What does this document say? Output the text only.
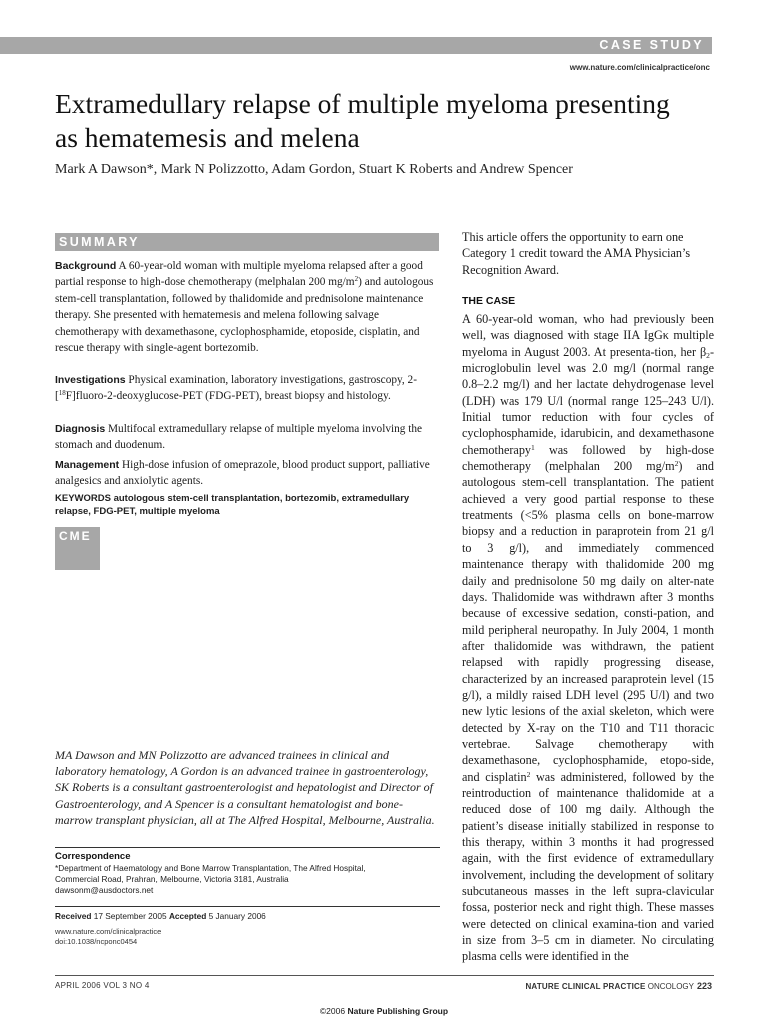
CASE STUDY
www.nature.com/clinicalpractice/onc
Extramedullary relapse of multiple myeloma presenting as hematemesis and melena
Mark A Dawson*, Mark N Polizzotto, Adam Gordon, Stuart K Roberts and Andrew Spencer
SUMMARY

Background A 60-year-old woman with multiple myeloma relapsed after a good partial response to high-dose chemotherapy (melphalan 200 $mg/m^2$) and autologous stem-cell transplantation, followed by thalidomide and prednisolone maintenance therapy. She presented with hematemesis and melena following salvage chemotherapy with dexamethasone, cyclophosphamide, etoposide, cisplatin, and rescue therapy with single-agent bortezomib.

Investigations Physical examination, laboratory investigations, gastroscopy, 2-[$^{18}$F]fluoro-2-deoxyglucose-PET (FDG-PET), breast biopsy and histology.

Diagnosis Multifocal extramedullary relapse of multiple myeloma involving the stomach and duodenum.

Management High-dose infusion of omeprazole, blood product support, palliative analgesics and anxiolytic agents.

KEYWORDS autologous stem-cell transplantation, bortezomib, extramedullary relapse, FDG-PET, multiple myeloma

CME

MA Dawson and MN Polizzotto are advanced trainees in clinical and laboratory hematology, A Gordon is an advanced trainee in gastroenterology, SK Roberts is a consultant gastroenterologist and hepatologist and Director of Gastroenterology, and A Spencer is a consultant hematologist and bone-marrow transplant physician, all at The Alfred Hospital, Melbourne, Australia.

Correspondence
*Department of Haematology and Bone Marrow Transplantation, The Alfred Hospital,
Commercial Road, Prahran, Melbourne, Victoria 3181, Australia
dawsonm@ausdoctors.net
Received 17 September 2005 Accepted 5 January 2006
www.nature.com/clinicalpractice
doi:10.1038/ncponc0454

This article offers the opportunity to earn one Category 1 credit toward the AMA Physician’s Recognition Award.

THE CASE

A 60-year-old woman, who had previously been well, was diagnosed with stage IIA IgGκ multiple myeloma in August 2003. At presenta-tion, her $\beta_2$-microglobulin level was 2.0 mg/l (normal range 0.8–2.2 mg/l) and her lactate dehydrogenase level (LDH) was 179 U/l (normal range 125–243 U/l). Initial tumor reduction with four cycles of cyclophosphamide, idarubicin, and dexamethasone chemotherapy$^1$ was followed by high-dose chemotherapy (melphalan 200 $mg/m^2$) and autologous stem-cell transplantation. The patient achieved a very good partial response to these treatments (<5% plasma cells on bone-marrow biopsy and a reduction in paraprotein from 21 g/l to 3 g/l), and immediately commenced maintenance therapy with thalidomide 200 mg daily and prednisolone 50 mg daily on alter-nate days. Thalidomide was withdrawn after 3 months because of excessive sedation, consti-pation, and mild peripheral neuropathy. In July 2004, 1 month after thalidomide was withdrawn, the patient relapsed with rapidly progressing disease, characterized by an increased paraprotein level (15 g/l), a mildly raised LDH level (295 U/l) and two new lytic lesions of the axial skeleton, which were detected by X-ray on the T10 and T11 thoracic vertebrae. Salvage chemotherapy with dexamethasone, cyclophosphamide, etopo-side, and cisplatin$^2$ was administered, followed by the reintroduction of maintenance thalidomide at a reduced dose of 100 mg daily. Although the patient’s disease initially stabilized in response to this therapy, within 3 months it had progressed again, with the first evidence of extramedullary involvement, including the development of solitary subcutaneous masses in the left supra-clavicular fossa, posterior neck and right thigh. These masses were detected on clinical examina-tion and varied in size from 3–5 cm in diameter. No circulating plasma cells were identified in the

APRIL 2006 VOL 3 NO 4	NATURE CLINICAL PRACTICE ONCOLOGY 223
©2006 Nature Publishing Group
